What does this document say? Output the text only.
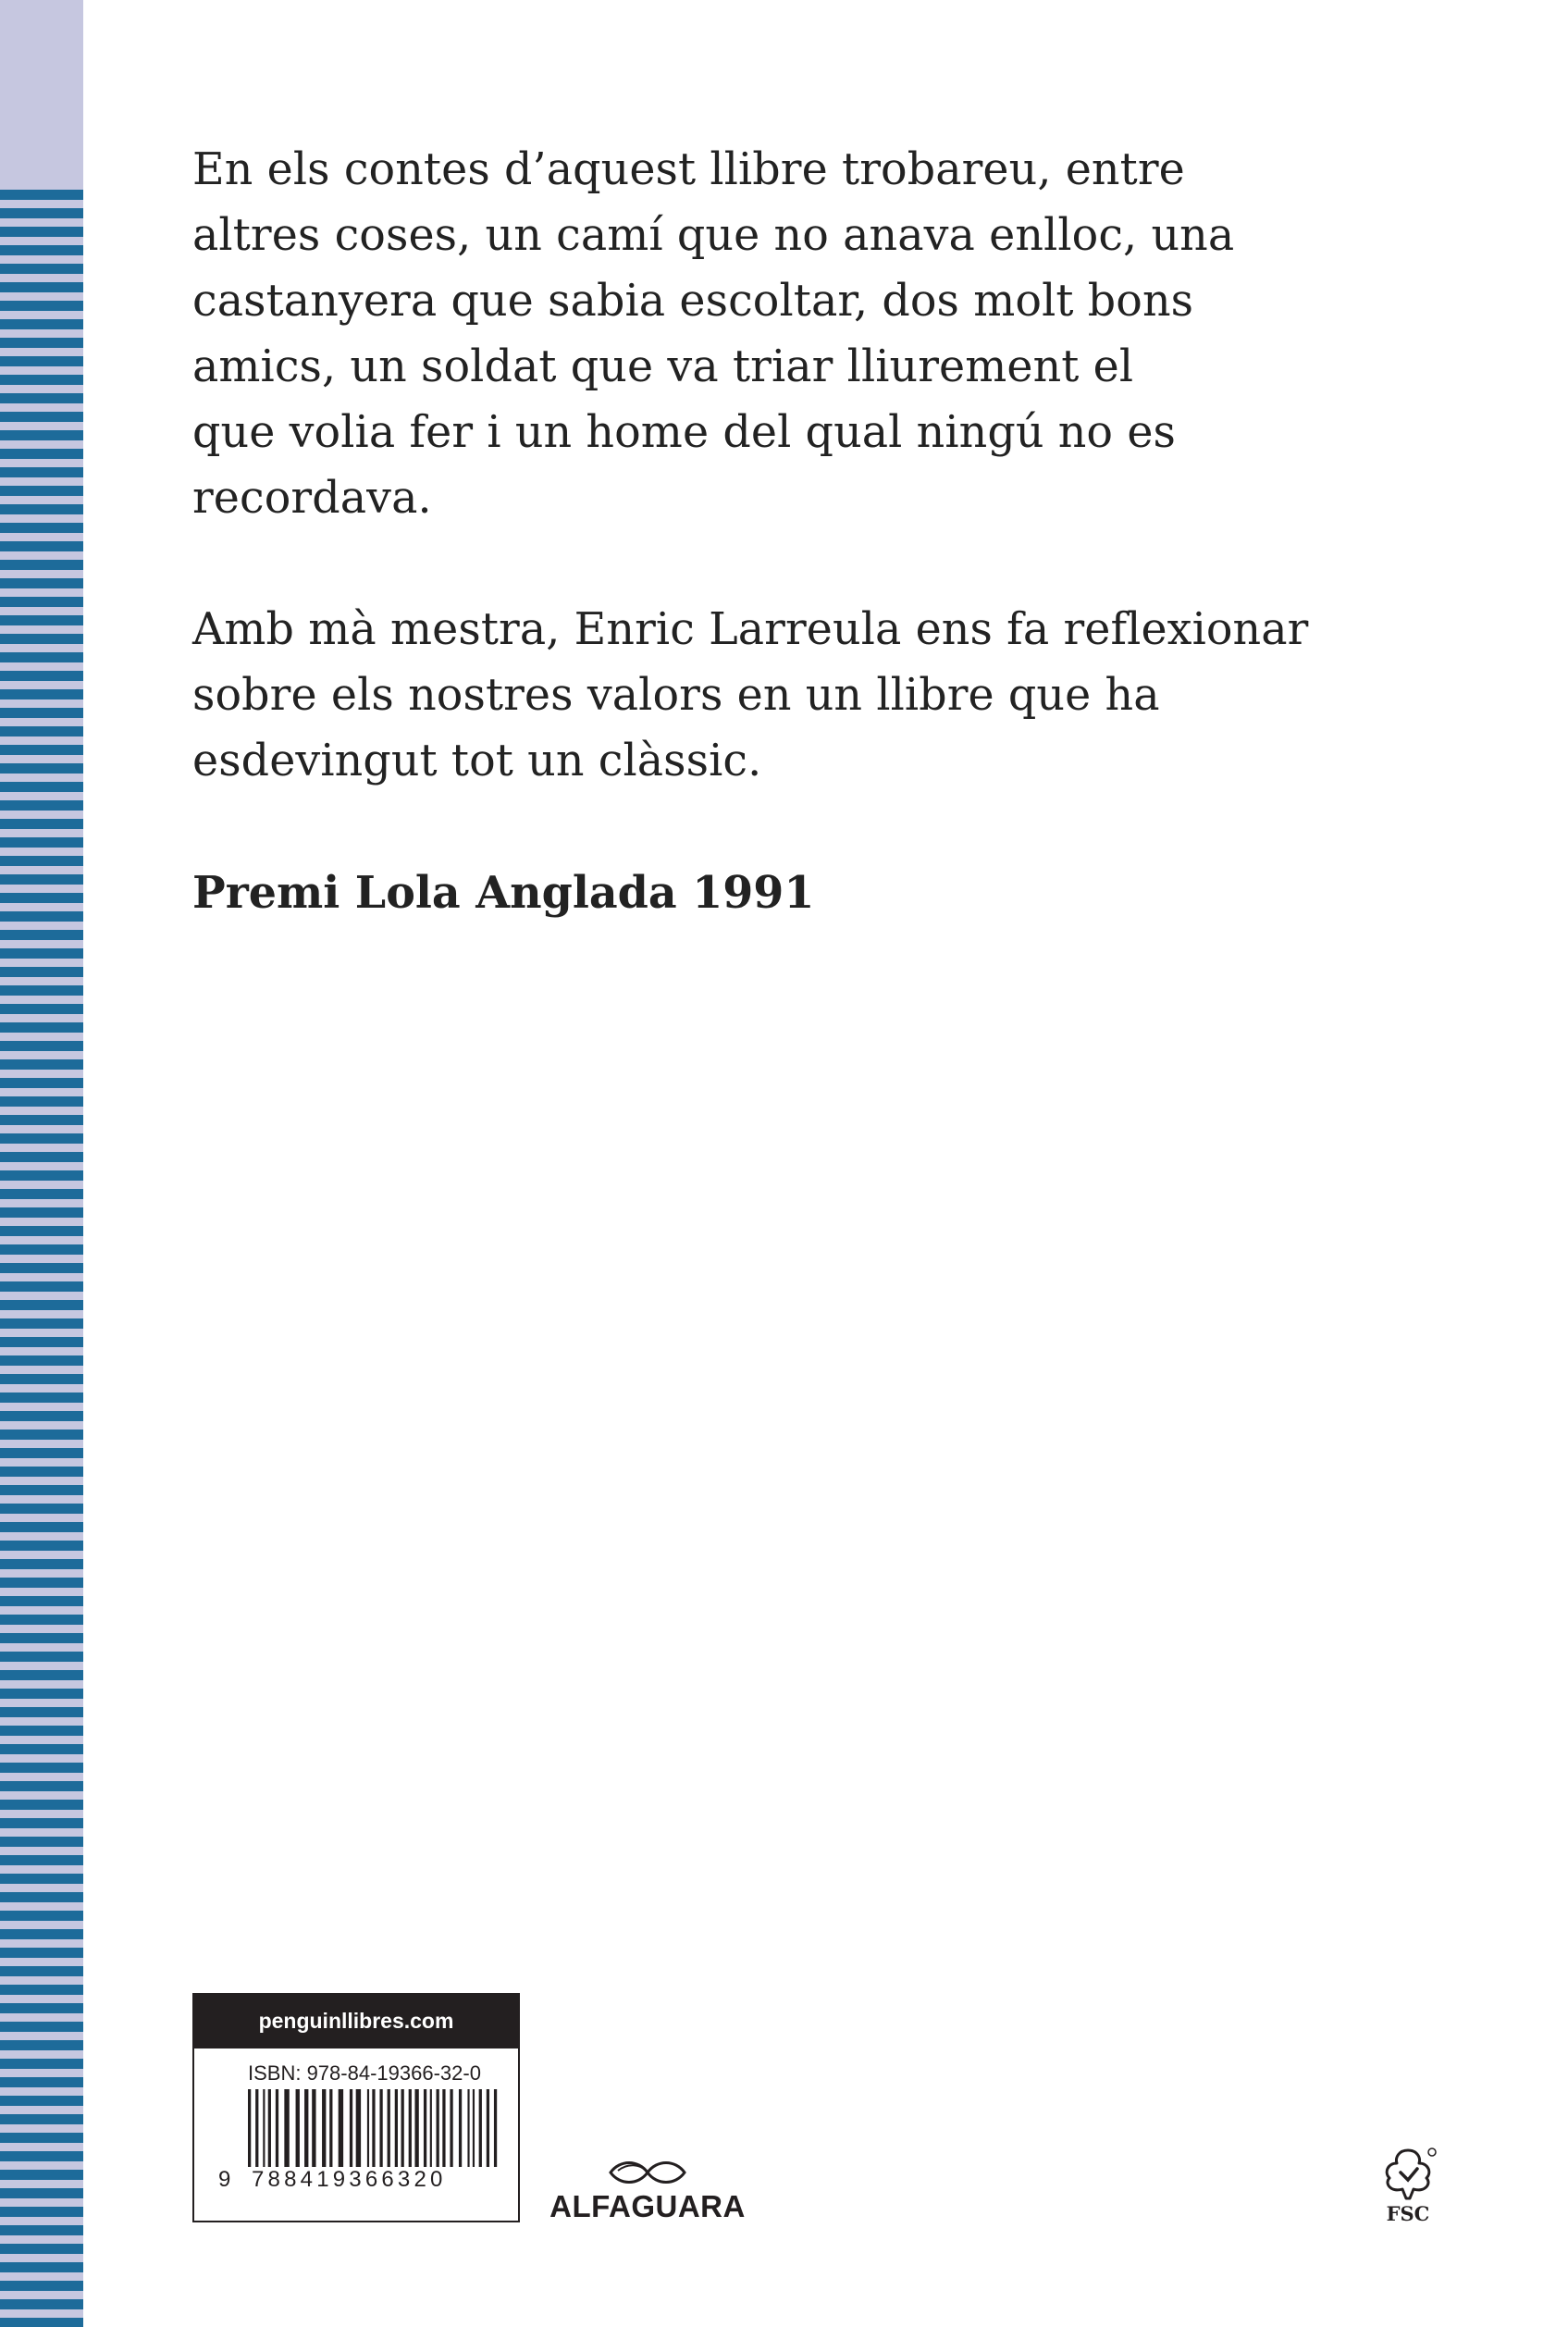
En els contes d’aquest llibre trobareu, entre
altres coses, un camí que no anava enlloc, una
castanyera que sabia escoltar, dos molt bons
amics, un soldat que va triar lliurement el
que volia fer i un home del qual ningú no es
recordava.

Amb mà mestra, Enric Larreula ens fa reflexionar
sobre els nostres valors en un llibre que ha
esdevingut tot un clàssic.

Premi Lola Anglada 1991
penguinllibres.com
ISBN: 978-84-19366-32-0
9 788419366320
ALFAGUARA	FSC
